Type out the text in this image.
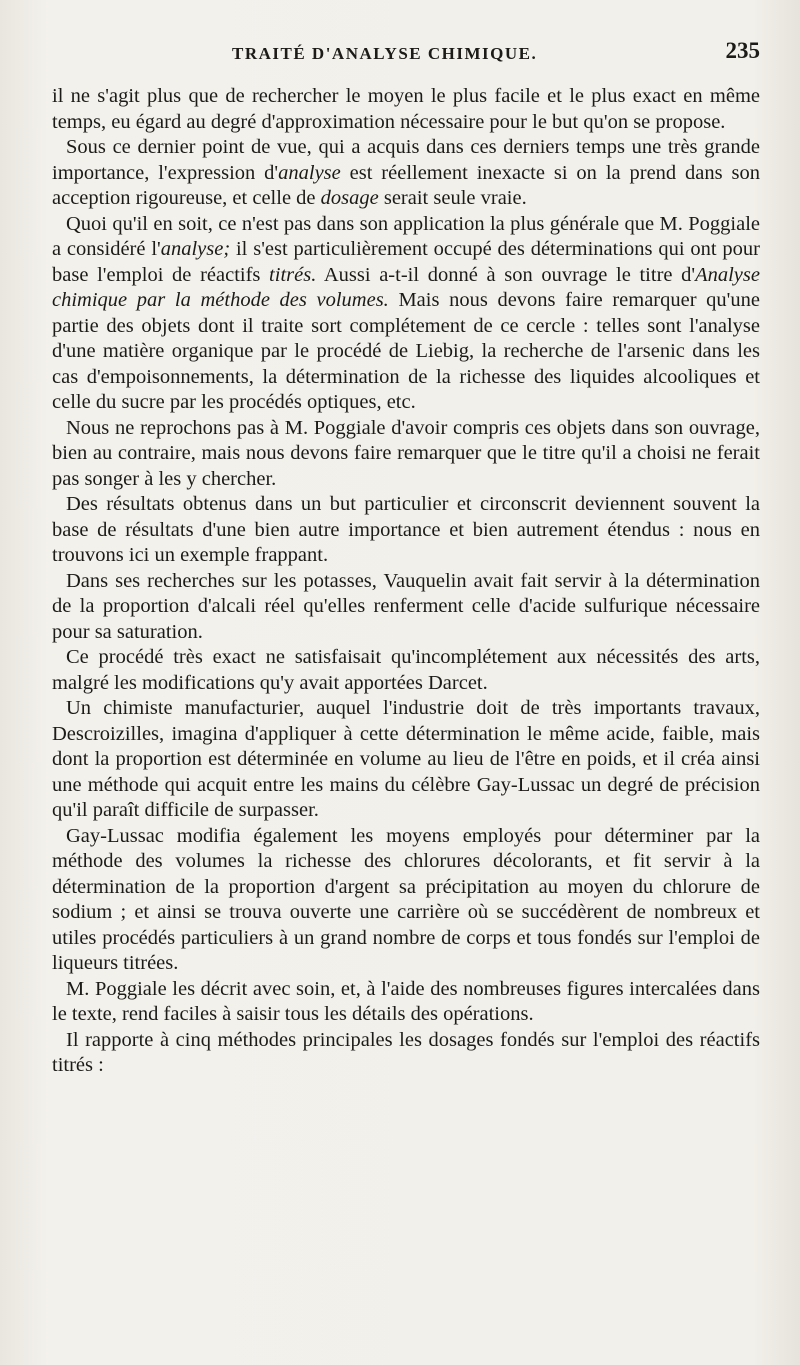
TRAITÉ D'ANALYSE CHIMIQUE.	235

il ne s'agit plus que de rechercher le moyen le plus facile et le plus exact en même temps, eu égard au degré d'approximation nécessaire pour le but qu'on se propose.

Sous ce dernier point de vue, qui a acquis dans ces derniers temps une très grande importance, l'expression d'analyse est réellement inexacte si on la prend dans son acception rigoureuse, et celle de dosage serait seule vraie.

Quoi qu'il en soit, ce n'est pas dans son application la plus générale que M. Poggiale a considéré l'analyse; il s'est particulièrement occupé des déterminations qui ont pour base l'emploi de réactifs titrés. Aussi a-t-il donné à son ouvrage le titre d'Analyse chimique par la méthode des volumes. Mais nous devons faire remarquer qu'une partie des objets dont il traite sort complétement de ce cercle : telles sont l'analyse d'une matière organique par le procédé de Liebig, la recherche de l'arsenic dans les cas d'empoisonnements, la détermination de la richesse des liquides alcooliques et celle du sucre par les procédés optiques, etc.

Nous ne reprochons pas à M. Poggiale d'avoir compris ces objets dans son ouvrage, bien au contraire, mais nous devons faire remarquer que le titre qu'il a choisi ne ferait pas songer à les y chercher.

Des résultats obtenus dans un but particulier et circonscrit deviennent souvent la base de résultats d'une bien autre importance et bien autrement étendus : nous en trouvons ici un exemple frappant.

Dans ses recherches sur les potasses, Vauquelin avait fait servir à la détermination de la proportion d'alcali réel qu'elles renferment celle d'acide sulfurique nécessaire pour sa saturation.

Ce procédé très exact ne satisfaisait qu'incomplétement aux nécessités des arts, malgré les modifications qu'y avait apportées Darcet.

Un chimiste manufacturier, auquel l'industrie doit de très importants travaux, Descroizilles, imagina d'appliquer à cette détermination le même acide, faible, mais dont la proportion est déterminée en volume au lieu de l'être en poids, et il créa ainsi une méthode qui acquit entre les mains du célèbre Gay-Lussac un degré de précision qu'il paraît difficile de surpasser.

Gay-Lussac modifia également les moyens employés pour déterminer par la méthode des volumes la richesse des chlorures décolorants, et fit servir à la détermination de la proportion d'argent sa précipitation au moyen du chlorure de sodium ; et ainsi se trouva ouverte une carrière où se succédèrent de nombreux et utiles procédés particuliers à un grand nombre de corps et tous fondés sur l'emploi de liqueurs titrées.

M. Poggiale les décrit avec soin, et, à l'aide des nombreuses figures intercalées dans le texte, rend faciles à saisir tous les détails des opérations.

Il rapporte à cinq méthodes principales les dosages fondés sur l'emploi des réactifs titrés :
